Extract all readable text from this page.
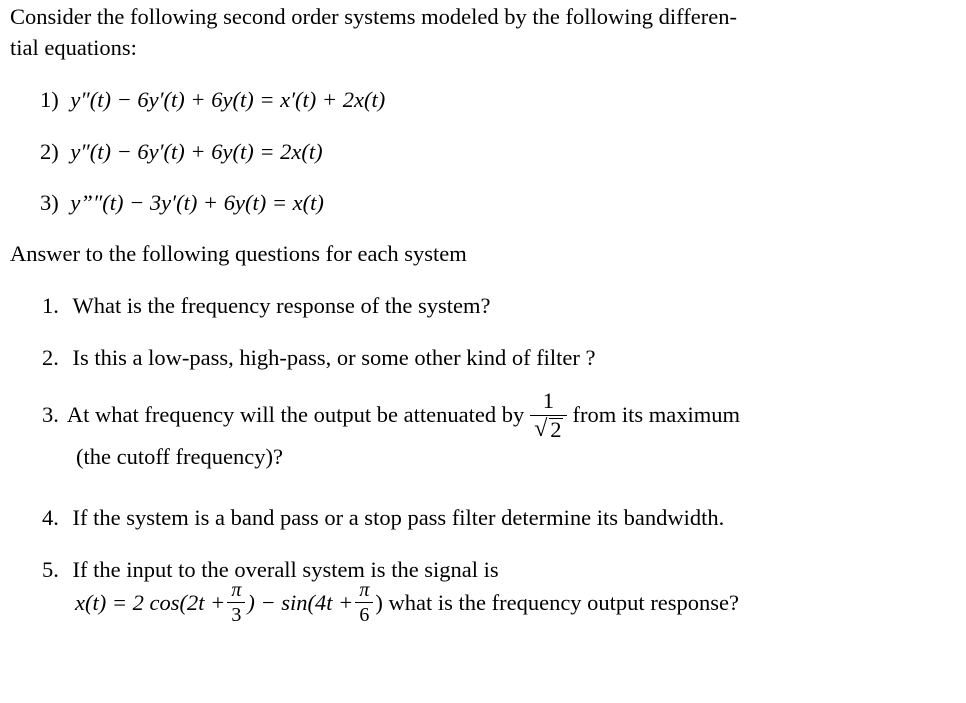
Consider the following second order systems modeled by the following differen-
tial equations:
1) y″(t) − 6y′(t) + 6y(t) = x′(t) + 2x(t)
2) y″(t) − 6y′(t) + 6y(t) = 2x(t)
3) y”″(t) − 3y′(t) + 6y(t) = x(t)
Answer to the following questions for each system
1. What is the frequency response of the system?
2. Is this a low-pass, high-pass, or some other kind of filter ?
3. At what frequency will the output be attenuated by 1
√ 2 from its maximum
(the cutoff frequency)?
4. If the system is a band pass or a stop pass filter determine its bandwidth.
5. If the input to the overall system is the signal is
x(t) = 2 $\cos(2t + \frac{\pi}{3}$ ) − $\sin(4t + \frac{\pi}{6}$ ) what is the frequency output response?
